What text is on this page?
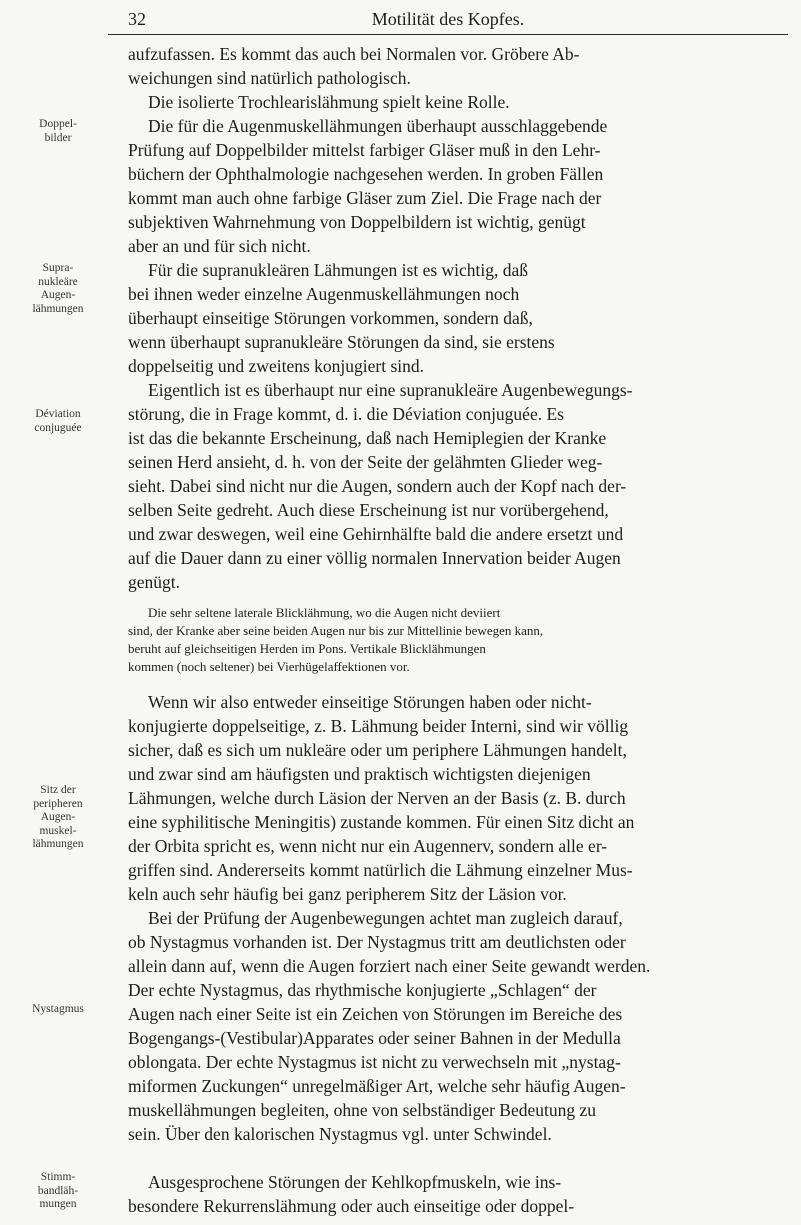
32	Motilität des Kopfes.
Doppel-
bilder
Supra-
nukleäre
Augen-
lähmungen
Déviation
conjuguée
Sitz der
peripheren
Augen-
muskel-
lähmungen
Nystagmus
Stimm-
bandläh-
mungen
aufzufassen. Es kommt das auch bei Normalen vor. Gröbere Ab-
weichungen sind natürlich pathologisch.
Die isolierte Trochlearislähmung spielt keine Rolle.
Die für die Augenmuskellähmungen überhaupt ausschlaggebende
Prüfung auf Doppelbilder mittelst farbiger Gläser muß in den Lehr-
büchern der Ophthalmologie nachgesehen werden. In groben Fällen
kommt man auch ohne farbige Gläser zum Ziel. Die Frage nach der
subjektiven Wahrnehmung von Doppelbildern ist wichtig, genügt
aber an und für sich nicht.
Für die supranukleären Lähmungen ist es wichtig, daß
bei ihnen weder einzelne Augenmuskellähmungen noch
überhaupt einseitige Störungen vorkommen, sondern daß,
wenn überhaupt supranukleäre Störungen da sind, sie erstens
doppelseitig und zweitens konjugiert sind.
Eigentlich ist es überhaupt nur eine supranukleäre Augenbewegungs-
störung, die in Frage kommt, d. i. die Déviation conjuguée. Es
ist das die bekannte Erscheinung, daß nach Hemiplegien der Kranke
seinen Herd ansieht, d. h. von der Seite der gelähmten Glieder weg-
sieht. Dabei sind nicht nur die Augen, sondern auch der Kopf nach der-
selben Seite gedreht. Auch diese Erscheinung ist nur vorübergehend,
und zwar deswegen, weil eine Gehirnhälfte bald die andere ersetzt und
auf die Dauer dann zu einer völlig normalen Innervation beider Augen
genügt.
Die sehr seltene laterale Blicklähmung, wo die Augen nicht deviiert
sind, der Kranke aber seine beiden Augen nur bis zur Mittellinie bewegen kann,
beruht auf gleichseitigen Herden im Pons. Vertikale Blicklähmungen
kommen (noch seltener) bei Vierhügelaffektionen vor.
Wenn wir also entweder einseitige Störungen haben oder nicht-
konjugierte doppelseitige, z. B. Lähmung beider Interni, sind wir völlig
sicher, daß es sich um nukleäre oder um periphere Lähmungen handelt,
und zwar sind am häufigsten und praktisch wichtigsten diejenigen
Lähmungen, welche durch Läsion der Nerven an der Basis (z. B. durch
eine syphilitische Meningitis) zustande kommen. Für einen Sitz dicht an
der Orbita spricht es, wenn nicht nur ein Augennerv, sondern alle er-
griffen sind. Andererseits kommt natürlich die Lähmung einzelner Mus-
keln auch sehr häufig bei ganz peripherem Sitz der Läsion vor.
Bei der Prüfung der Augenbewegungen achtet man zugleich darauf,
ob Nystagmus vorhanden ist. Der Nystagmus tritt am deutlichsten oder
allein dann auf, wenn die Augen forziert nach einer Seite gewandt werden.
Der echte Nystagmus, das rhythmische konjugierte „Schlagen“ der
Augen nach einer Seite ist ein Zeichen von Störungen im Bereiche des
Bogengangs-(Vestibular)Apparates oder seiner Bahnen in der Medulla
oblongata. Der echte Nystagmus ist nicht zu verwechseln mit „nystag-
miformen Zuckungen“ unregelmäßiger Art, welche sehr häufig Augen-
muskellähmungen begleiten, ohne von selbständiger Bedeutung zu
sein. Über den kalorischen Nystagmus vgl. unter Schwindel.
Ausgesprochene Störungen der Kehlkopfmuskeln, wie ins-
besondere Rekurrenslähmung oder auch einseitige oder doppel-
